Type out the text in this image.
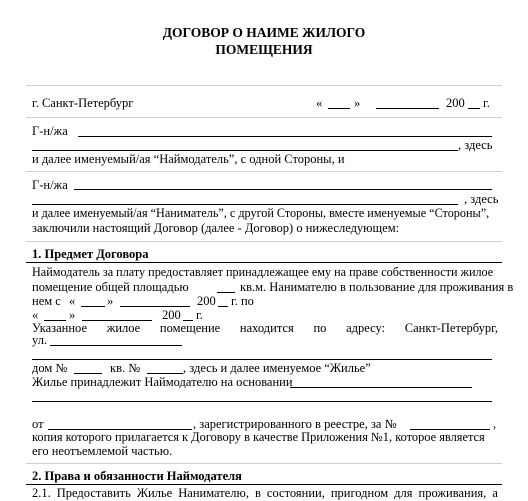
ДОГОВОР О НАИМЕ ЖИЛОГО
ПОМЕЩЕНИЯ
г. Санкт-Петербург	«	»	200 г.
Г-н/жа
, здесь
и далее именуемый/ая “Наймодатель”, с одной Стороны, и
Г-н/жа
, здесь
и далее именуемый/ая “Наниматель”, с другой Стороны, вместе именуемые “Стороны”,
заключили настоящий Договор (далее - Договор) о нижеследующем:
1. Предмет Договора
Наймодатель за плату предоставляет принадлежащее ему на праве собственности жилое
помещение общей площадью	кв.м. Нанимателю в пользование для проживания в
нем с «	»	200 г. по
« »	200 г.
Указанное жилое помещение находится по адресу: Санкт-Петербург,
ул.
дом №	кв. №	, здесь и далее именуемое “Жилье”
Жилье принадлежит Наймодателю на основании
от	, зарегистрированного в реестре, за №	,
копия которого прилагается к Договору в качестве Приложения №1, которое является
его неотъемлемой частью.
2. Права и обязанности Наймодателя
2.1. Предоставить Жилье Нанимателю, в состоянии, пригодном для проживания, а
